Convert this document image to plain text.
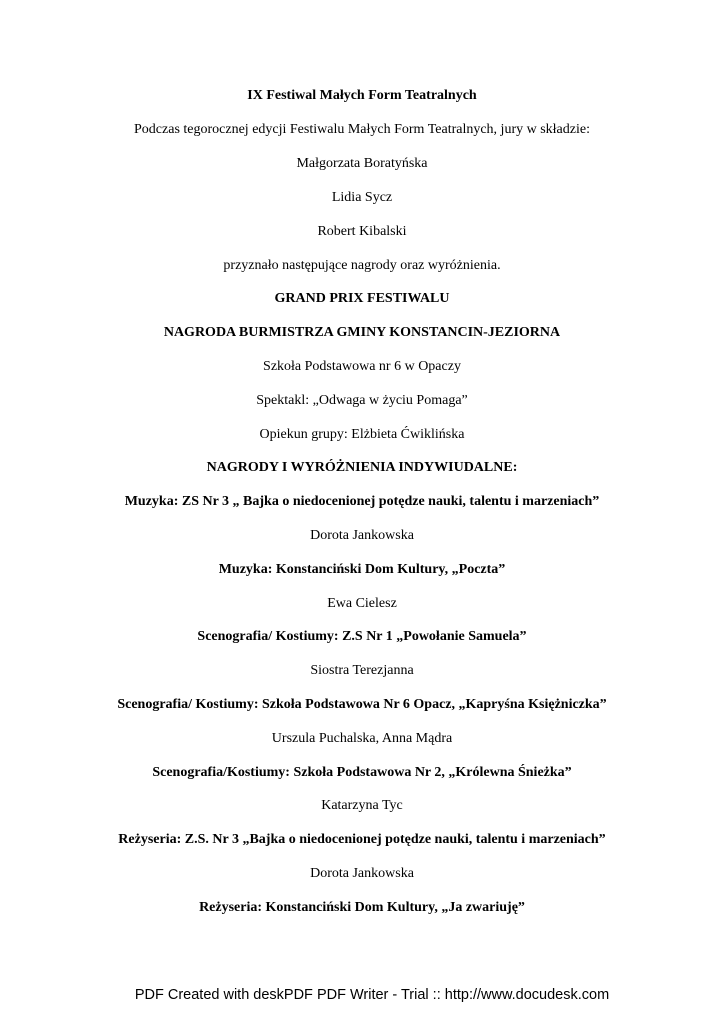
IX Festiwal Małych Form Teatralnych
Podczas tegorocznej edycji Festiwalu Małych Form Teatralnych, jury w składzie:
Małgorzata Boratyńska
Lidia Sycz
Robert Kibalski
przyznało następujące nagrody oraz wyróżnienia.
GRAND PRIX FESTIWALU
NAGRODA BURMISTRZA GMINY KONSTANCIN-JEZIORNA
Szkoła Podstawowa nr 6 w Opaczy
Spektakl: „Odwaga w życiu Pomaga”
Opiekun grupy: Elżbieta Ćwiklińska
NAGRODY I WYRÓŻNIENIA INDYWIUDALNE:
Muzyka: ZS Nr 3 „ Bajka o niedocenionej potędze nauki, talentu i marzeniach”
Dorota Jankowska
Muzyka: Konstanciński Dom Kultury, „Poczta”
Ewa Cielesz
Scenografia/ Kostiumy: Z.S Nr 1 „Powołanie Samuela”
Siostra Terezjanna
Scenografia/ Kostiumy: Szkoła Podstawowa Nr 6 Opacz, „Kapryśna Księżniczka”
Urszula Puchalska, Anna Mądra
Scenografia/Kostiumy: Szkoła Podstawowa Nr 2, „Królewna Śnieżka”
Katarzyna Tyc
Reżyseria: Z.S. Nr 3 „Bajka o niedocenionej potędze nauki, talentu i marzeniach”
Dorota Jankowska
Reżyseria: Konstanciński Dom Kultury, „Ja zwariuję”
PDF Created with deskPDF PDF Writer - Trial :: http://www.docudesk.com
